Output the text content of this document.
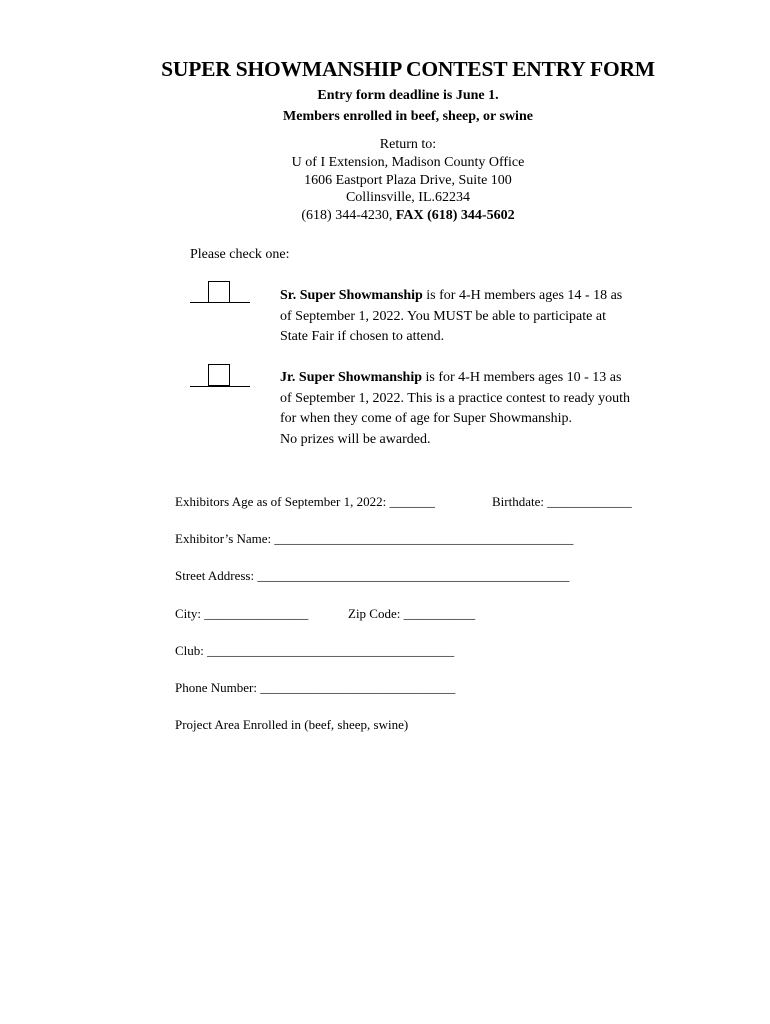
SUPER SHOWMANSHIP CONTEST ENTRY FORM
Entry form deadline is June 1.
Members enrolled in beef, sheep, or swine
Return to:
U of I Extension, Madison County Office
1606 Eastport Plaza Drive, Suite 100
Collinsville, IL.62234
(618) 344-4230, FAX (618) 344-5602
Please check one:
Sr. Super Showmanship is for 4-H members ages 14 - 18 as
of September 1, 2022. You MUST be able to participate at
State Fair if chosen to attend.
Jr. Super Showmanship is for 4-H members ages 10 - 13 as
of September 1, 2022. This is a practice contest to ready youth
for when they come of age for Super Showmanship.
No prizes will be awarded.
Exhibitors Age as of September 1, 2022: _______	Birthdate: _____________
Exhibitor’s Name: ______________________________________________
Street Address: ________________________________________________
City: ________________	Zip Code: ___________
Club: ______________________________________
Phone Number: ______________________________
Project Area Enrolled in (beef, sheep, swine)
